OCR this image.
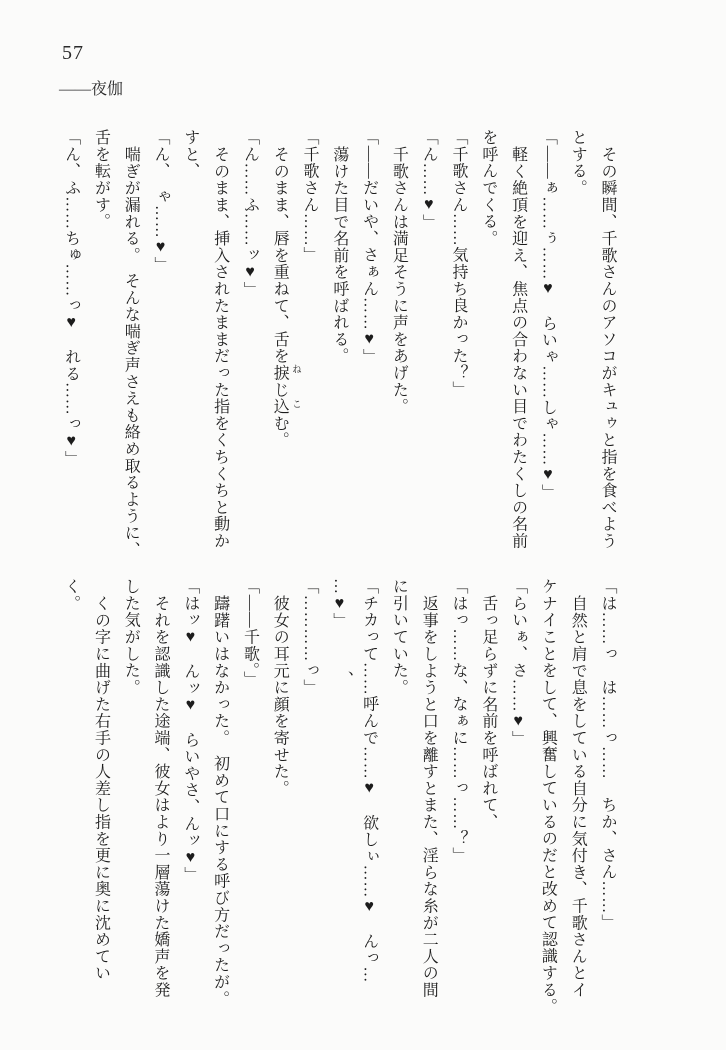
57
――夜伽

その瞬間、千歌さんのアソコがキュゥと指を食べよう

とする。

「――ぁ……ぅ……♥　らいゃ……しゃ……♥」

軽く絶頂を迎え、焦点の合わない目でわたくしの名前

を呼んでくる。

「千歌さん……気持ち良かった？」

「ん……♥」

千歌さんは満足そうに声をあげた。

「――だいや、さぁん……♥」

蕩けた目で名前を呼ばれる。

「千歌さん……」

そのまま、唇を重ねて、舌を捩じ込む。

「ん……ふ……ッ♥」

そのまま、挿入されたままだった指をくちくちと動か

すと、

「ん、　ゃ……♥」

喘ぎが漏れる。　そんな喘ぎ声さえも絡め取るように、

舌を転がす。

「ん、ふ……ちゅ……っ♥　れる……っ♥」

「は……っ　は……っ……　ちか、さん……」

自然と肩で息をしている自分に気付き、千歌さんとイ

ケナイことをして、興奮しているのだと改めて認識する。

「らいぁ、さ……♥」

舌っ足らずに名前を呼ばれて、

「はっ……な、なぁに……っ……？」

返事をしようと口を離すとまた、淫らな糸が二人の間

に引いていた。

「チカって……呼んで……♥　欲しぃ……♥　んっ…

…♥」

「…………っ」

彼女の耳元に顔を寄せた。

「――千歌。」

躊躇いはなかった。　初めて口にする呼び方だったが。

「はッ♥　んッ♥　らいやさ、んッ♥」

それを認識した途端、彼女はより一層蕩けた嬌声を発

した気がした。

くの字に曲げた右手の人差し指を更に奥に沈めてい

く。

ね
こ
、
